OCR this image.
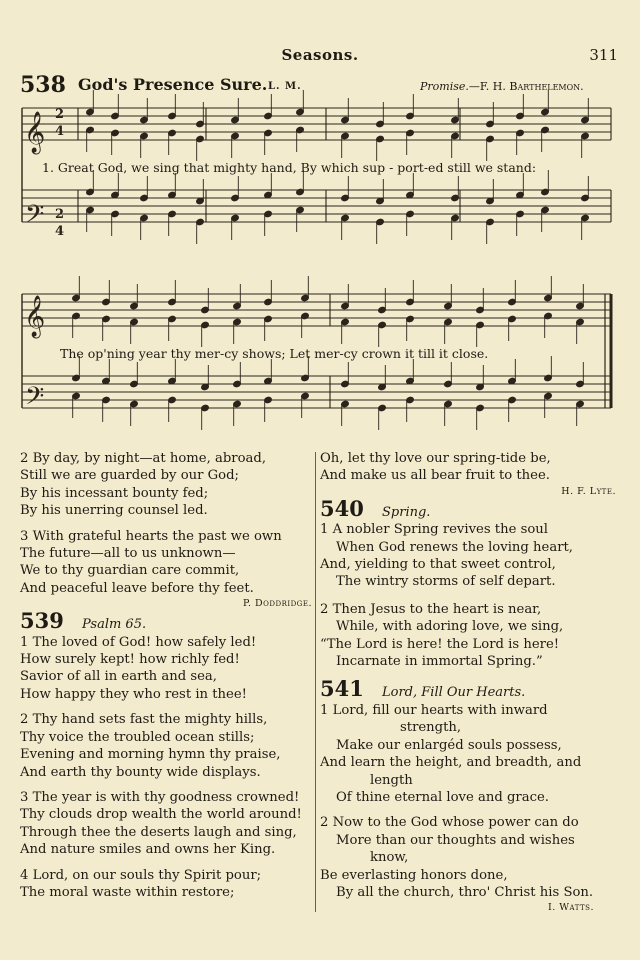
Seasons.	311
538 God's Presence Sure. L. M.	Promise.—F. H. Barthelemon.
𝄞
𝄢
𝄞
𝄢
2
4
2
4
1. Great God, we sing that mighty hand, By which sup - port-ed still we stand:
The op'ning year thy mer-cy shows; Let mer-cy crown it till it close.

2 By day, by night—at home, abroad,

Still we are guarded by our God;

By his incessant bounty fed;

By his unerring counsel led.

3 With grateful hearts the past we own

The future—all to us unknown—

We to thy guardian care commit,

And peaceful leave before thy feet.

P. Doddridge.

539	Psalm 65.

1 The loved of God! how safely led!

How surely kept! how richly fed!

Savior of all in earth and sea,

How happy they who rest in thee!

2 Thy hand sets fast the mighty hills,

Thy voice the troubled ocean stills;

Evening and morning hymn thy praise,

And earth thy bounty wide displays.

3 The year is with thy goodness crowned!

Thy clouds drop wealth the world around!

Through thee the deserts laugh and sing,

And nature smiles and owns her King.

4 Lord, on our souls thy Spirit pour;

The moral waste within restore;

Oh, let thy love our spring-tide be,

And make us all bear fruit to thee.

H. F. Lyte.

540	Spring.

1 A nobler Spring revives the soul

When God renews the loving heart,

And, yielding to that sweet control,

The wintry storms of self depart.

2 Then Jesus to the heart is near,

While, with adoring love, we sing,

“The Lord is here! the Lord is here!

Incarnate in immortal Spring.”

541	Lord, Fill Our Hearts.

1 Lord, fill our hearts with inward

strength,

Make our enlargéd souls possess,

And learn the height, and breadth, and

length

Of thine eternal love and grace.

2 Now to the God whose power can do

More than our thoughts and wishes

know,

Be everlasting honors done,

By all the church, thro' Christ his Son.

I. Watts.
